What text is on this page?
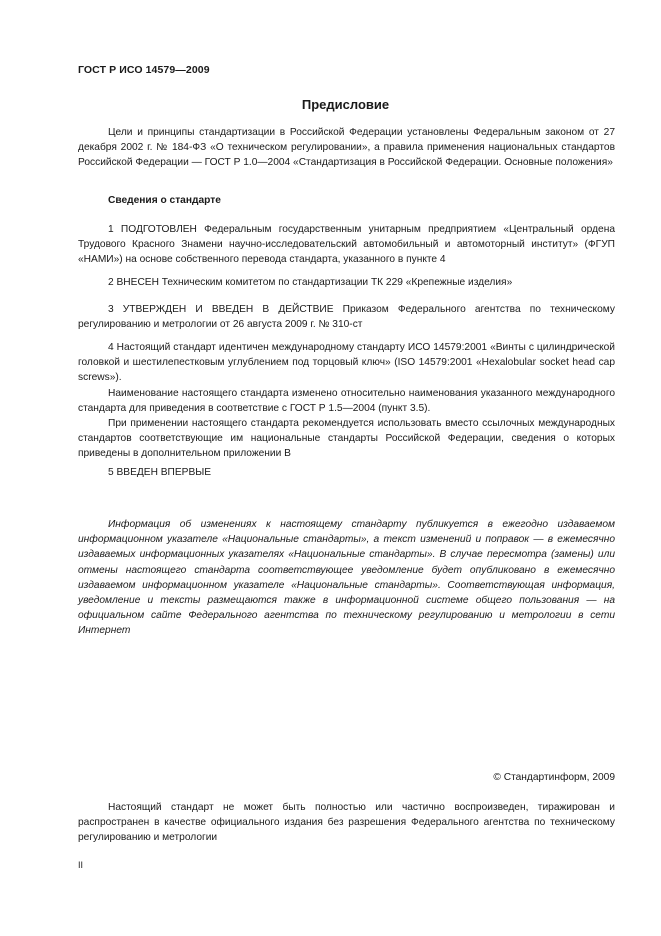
ГОСТ Р ИСО 14579—2009
Предисловие

Цели и принципы стандартизации в Российской Федерации установлены Федеральным законом от 27 декабря 2002 г. № 184-ФЗ «О техническом регулировании», а правила применения национальных стандартов Российской Федерации — ГОСТ Р 1.0—2004 «Стандартизация в Российской Федерации. Основные положения»

Сведения о стандарте

1 ПОДГОТОВЛЕН Федеральным государственным унитарным предприятием «Центральный ордена Трудового Красного Знамени научно-исследовательский автомобильный и автомоторный институт» (ФГУП «НАМИ») на основе собственного перевода стандарта, указанного в пункте 4

2 ВНЕСЕН Техническим комитетом по стандартизации ТК 229 «Крепежные изделия»

3 УТВЕРЖДЕН И ВВЕДЕН В ДЕЙСТВИЕ Приказом Федерального агентства по техническому регулированию и метрологии от 26 августа 2009 г. № 310-ст

4 Настоящий стандарт идентичен международному стандарту ИСО 14579:2001 «Винты с цилиндрической головкой и шестилепестковым углублением под торцовый ключ» (ISO 14579:2001 «Hexalobular socket head cap screws»).

Наименование настоящего стандарта изменено относительно наименования указанного международного стандарта для приведения в соответствие с ГОСТ Р 1.5—2004 (пункт 3.5).

При применении настоящего стандарта рекомендуется использовать вместо ссылочных международных стандартов соответствующие им национальные стандарты Российской Федерации, сведения о которых приведены в дополнительном приложении В

5 ВВЕДЕН ВПЕРВЫЕ

Информация об изменениях к настоящему стандарту публикуется в ежегодно издаваемом информационном указателе «Национальные стандарты», а текст изменений и поправок — в ежемесячно издаваемых информационных указателях «Национальные стандарты». В случае пересмотра (замены) или отмены настоящего стандарта соответствующее уведомление будет опубликовано в ежемесячно издаваемом информационном указателе «Национальные стандарты». Соответствующая информация, уведомление и тексты размещаются также в информационной системе общего пользования — на официальном сайте Федерального агентства по техническому регулированию и метрологии в сети Интернет

© Стандартинформ, 2009

Настоящий стандарт не может быть полностью или частично воспроизведен, тиражирован и распространен в качестве официального издания без разрешения Федерального агентства по техническому регулированию и метрологии

II
